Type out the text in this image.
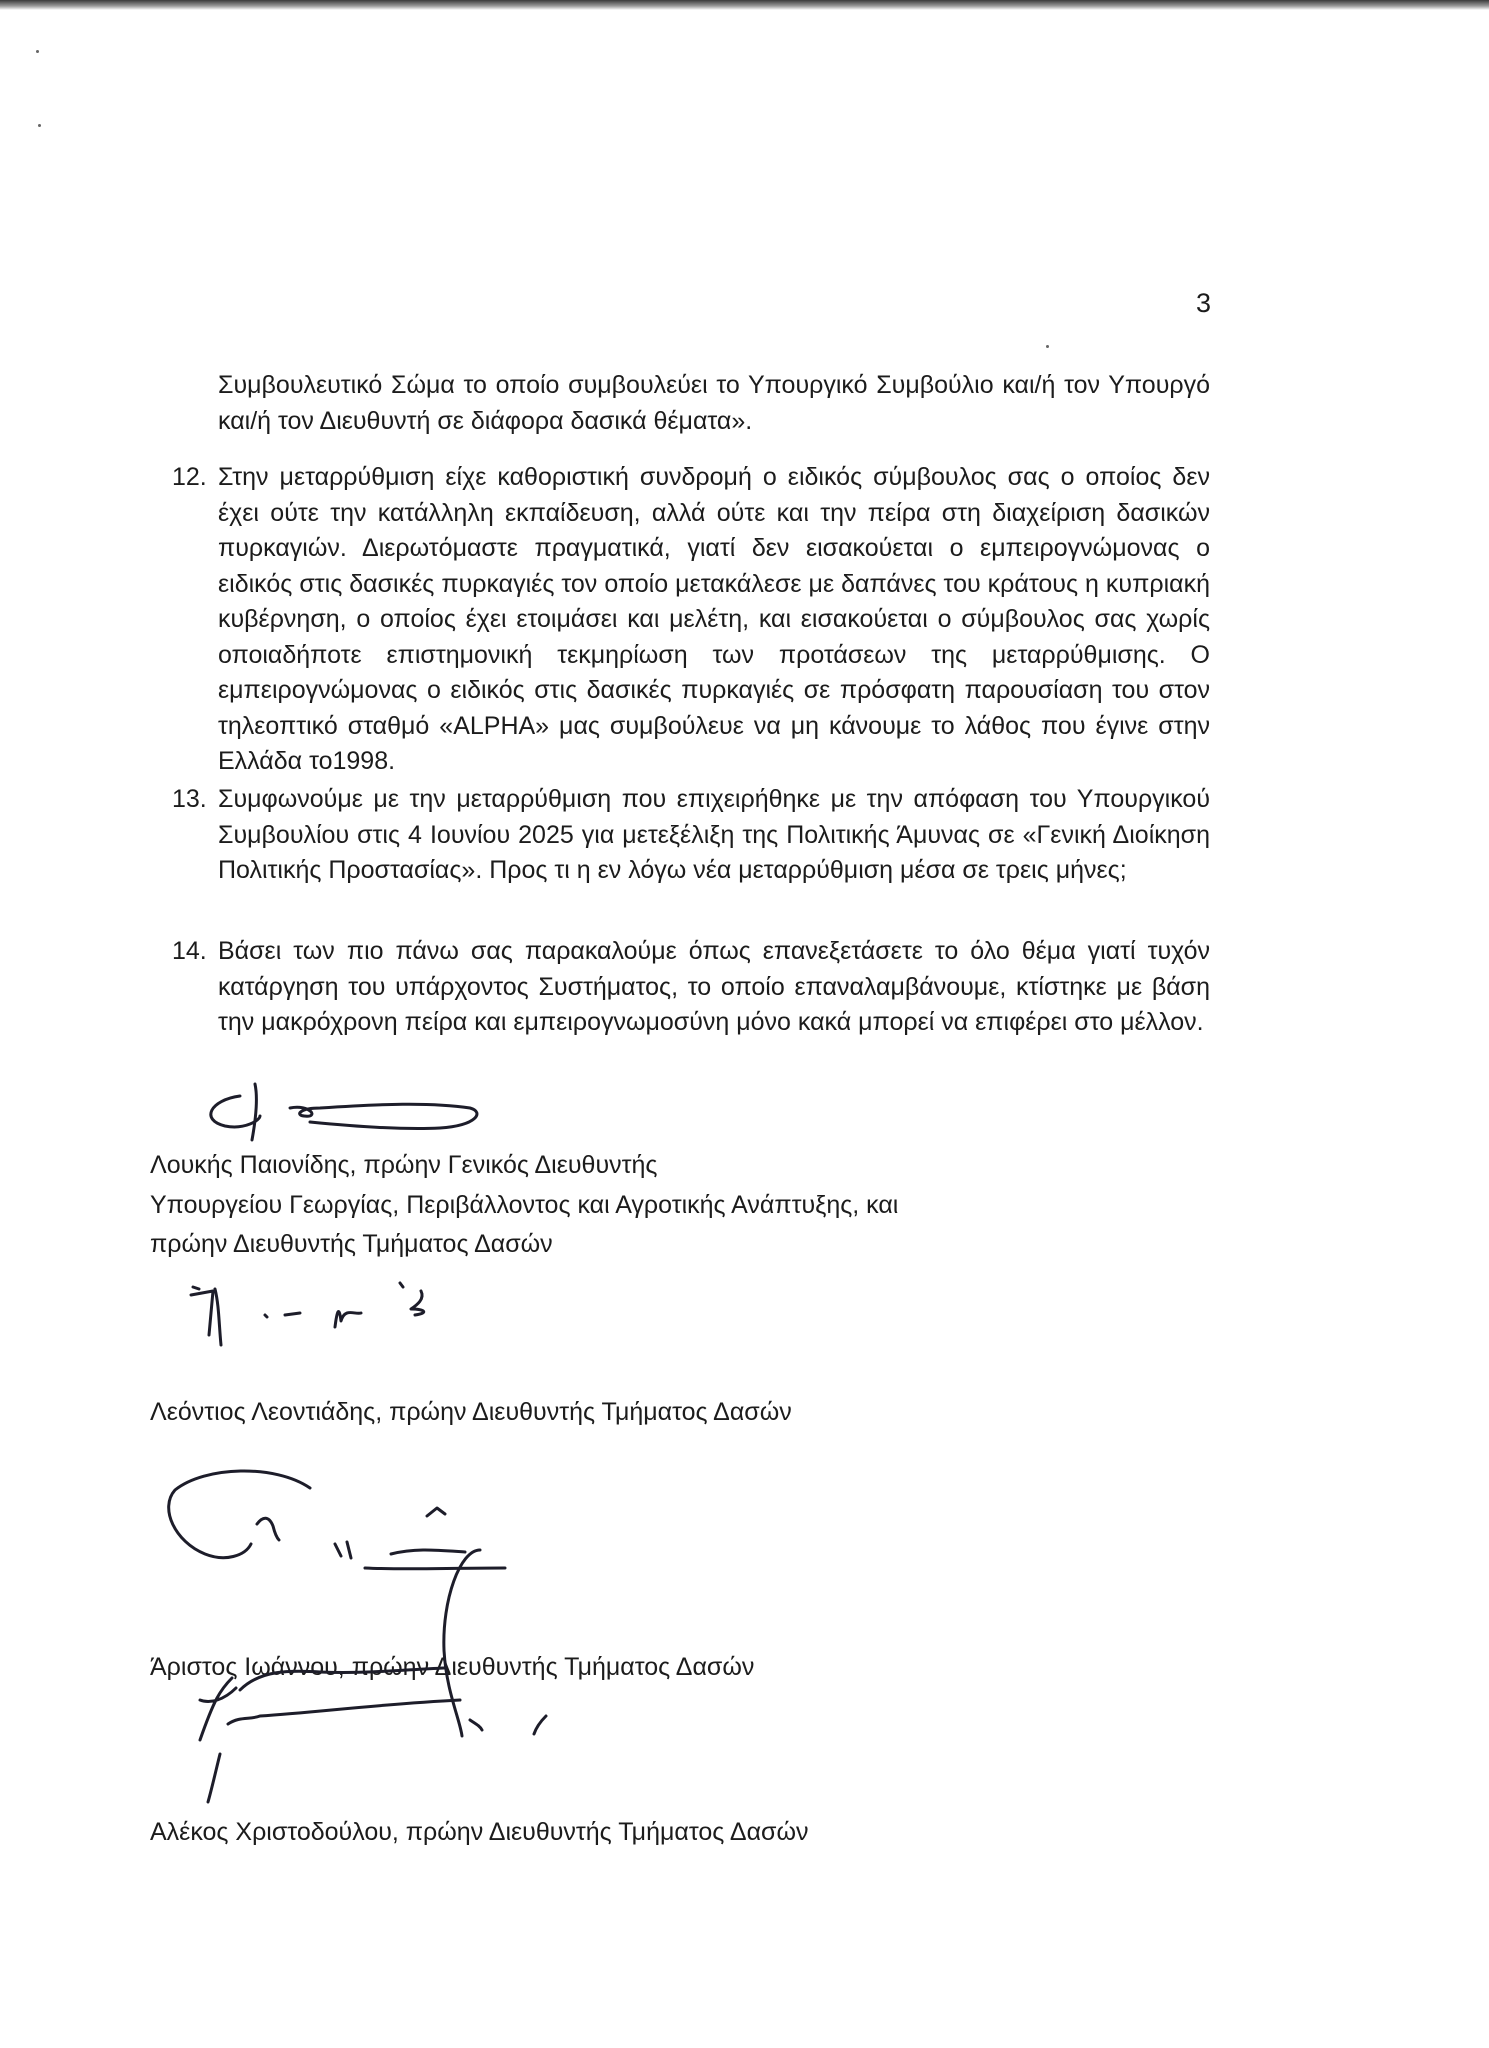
3
Συμβουλευτικό Σώμα το οποίο συμβουλεύει το Υπουργικό Συμβούλιο και/ή τον Υπουργό και/ή τον Διευθυντή σε διάφορα δασικά θέματα».
12. Στην μεταρρύθμιση είχε καθοριστική συνδρομή ο ειδικός σύμβουλος σας ο οποίος δεν έχει ούτε την κατάλληλη εκπαίδευση, αλλά ούτε και την πείρα στη διαχείριση δασικών πυρκαγιών. Διερωτόμαστε πραγματικά, γιατί δεν εισακούεται ο εμπειρογνώμονας ο ειδικός στις δασικές πυρκαγιές τον οποίο μετακάλεσε με δαπάνες του κράτους η κυπριακή κυβέρνηση, ο οποίος έχει ετοιμάσει και μελέτη, και εισακούεται ο σύμβουλος σας χωρίς οποιαδήποτε επιστημονική τεκμηρίωση των προτάσεων της μεταρρύθμισης. Ο εμπειρογνώμονας ο ειδικός στις δασικές πυρκαγιές σε πρόσφατη παρουσίαση του στον τηλεοπτικό σταθμό «ALPHA» μας συμβούλευε να μη κάνουμε το λάθος που έγινε στην Ελλάδα το1998.
13. Συμφωνούμε με την μεταρρύθμιση που επιχειρήθηκε με την απόφαση του Υπουργικού Συμβουλίου στις 4 Ιουνίου 2025 για μετεξέλιξη της Πολιτικής Άμυνας σε «Γενική Διοίκηση Πολιτικής Προστασίας». Προς τι η εν λόγω νέα μεταρρύθμιση μέσα σε τρεις μήνες;
14. Βάσει των πιο πάνω σας παρακαλούμε όπως επανεξετάσετε το όλο θέμα γιατί τυχόν κατάργηση του υπάρχοντος Συστήματος, το οποίο επαναλαμβάνουμε, κτίστηκε με βάση την μακρόχρονη πείρα και εμπειρογνωμοσύνη μόνο κακά μπορεί να επιφέρει στο μέλλον.
Λουκής Παιονίδης, πρώην Γενικός Διευθυντής
Υπουργείου Γεωργίας, Περιβάλλοντος και Αγροτικής Ανάπτυξης, και
πρώην Διευθυντής Τμήματος Δασών
Λεόντιος Λεοντιάδης, πρώην Διευθυντής Τμήματος Δασών
Άριστος Ιωάννου, πρώην Διευθυντής Τμήματος Δασών
Αλέκος Χριστοδούλου, πρώην Διευθυντής Τμήματος Δασών
